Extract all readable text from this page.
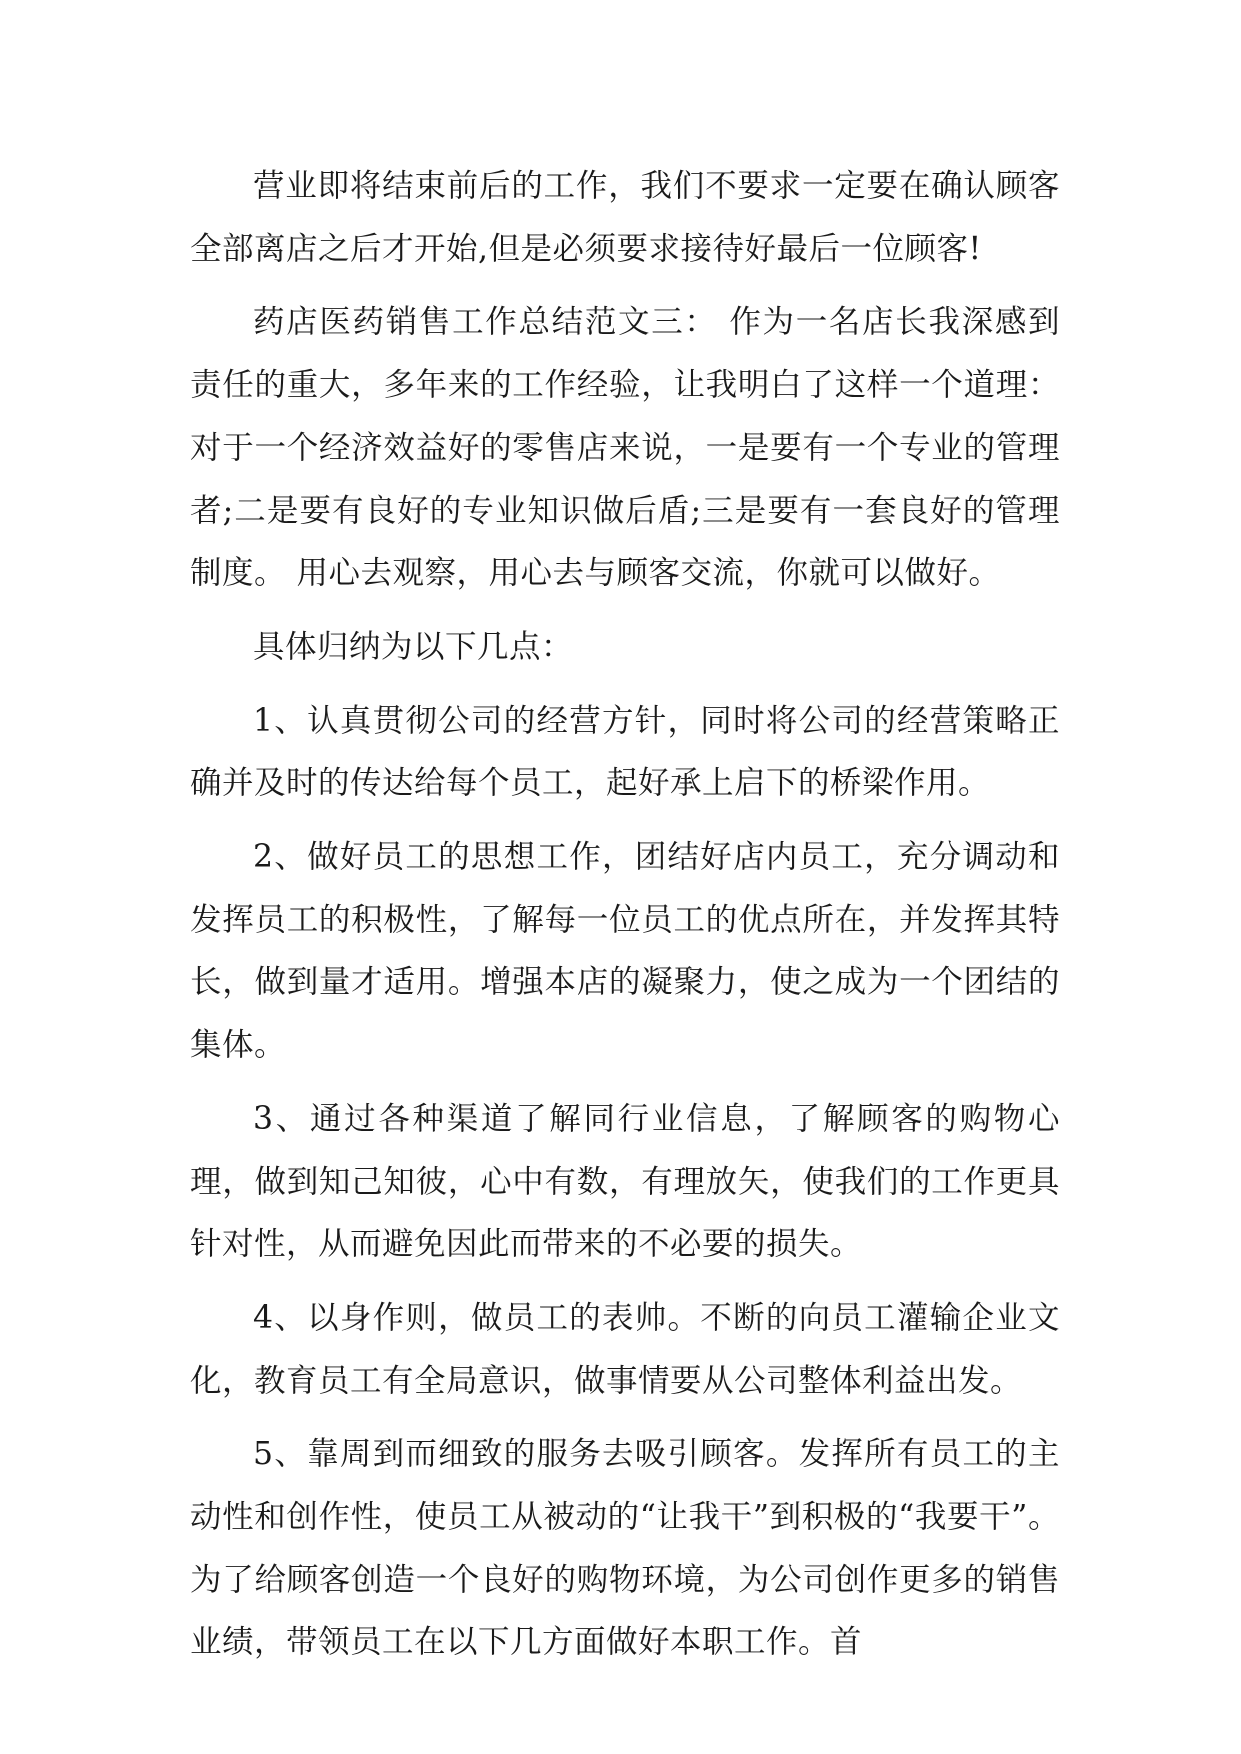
营业即将结束前后的工作，我们不要求一定要在确认顾客全部离店之后才开始,但是必须要求接待好最后一位顾客!

药店医药销售工作总结范文三： 作为一名店长我深感到责任的重大，多年来的工作经验，让我明白了这样一个道理：对于一个经济效益好的零售店来说，一是要有一个专业的管理者;二是要有良好的专业知识做后盾;三是要有一套良好的管理制度。 用心去观察，用心去与顾客交流，你就可以做好。

具体归纳为以下几点：

1、认真贯彻公司的经营方针，同时将公司的经营策略正确并及时的传达给每个员工，起好承上启下的桥梁作用。

2、做好员工的思想工作，团结好店内员工，充分调动和发挥员工的积极性，了解每一位员工的优点所在，并发挥其特长，做到量才适用。增强本店的凝聚力，使之成为一个团结的集体。

3、通过各种渠道了解同行业信息，了解顾客的购物心理，做到知己知彼，心中有数，有理放矢，使我们的工作更具针对性，从而避免因此而带来的不必要的损失。

4、以身作则，做员工的表帅。不断的向员工灌输企业文化，教育员工有全局意识，做事情要从公司整体利益出发。

5、靠周到而细致的服务去吸引顾客。发挥所有员工的主动性和创作性，使员工从被动的“让我干”到积极的“我要干”。为了给顾客创造一个良好的购物环境，为公司创作更多的销售业绩，带领员工在以下几方面做好本职工作。首
